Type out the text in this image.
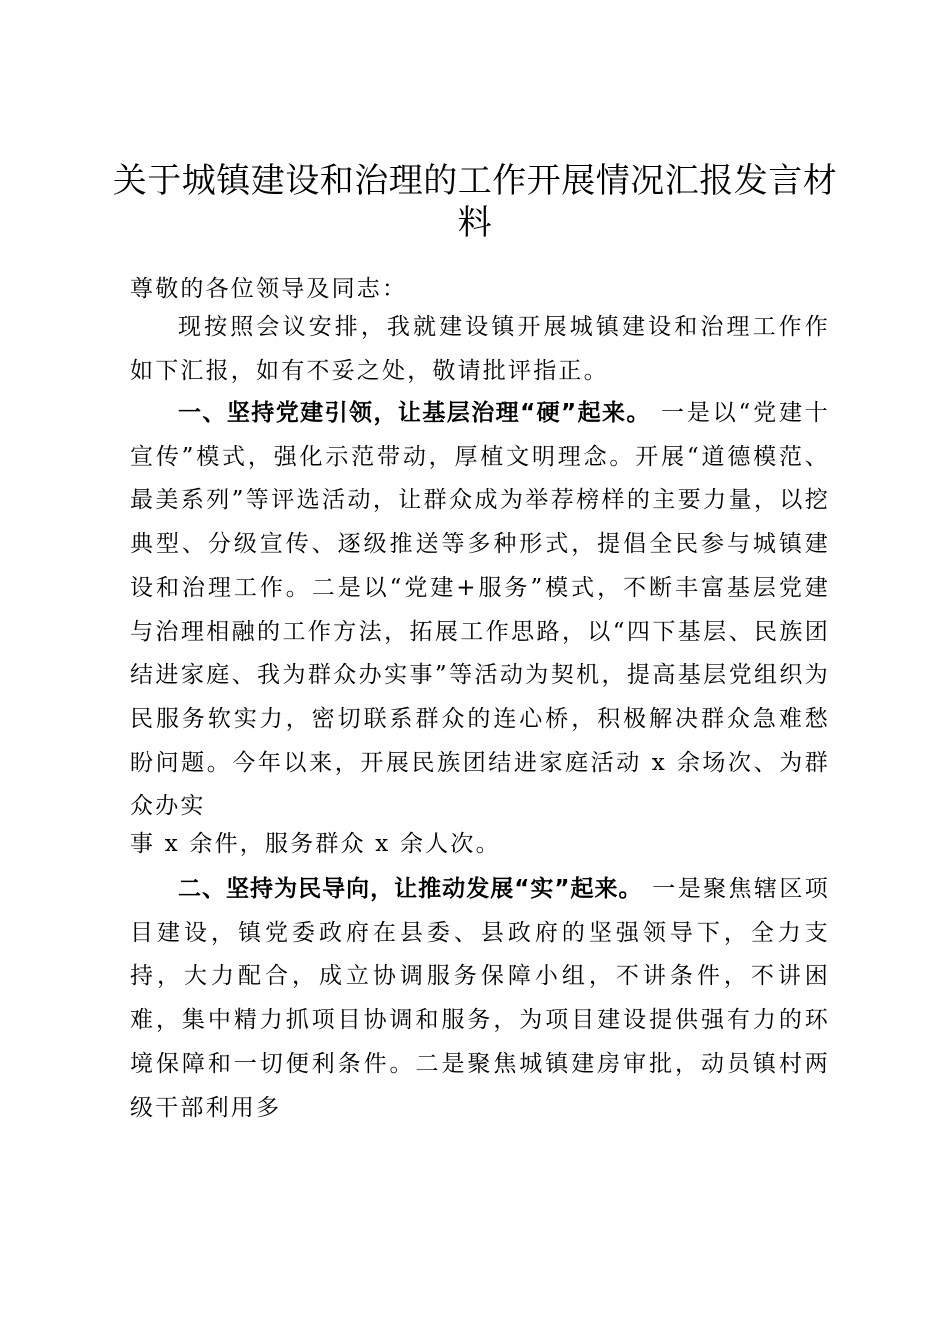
关于城镇建设和治理的工作开展情况汇报发言材料

尊敬的各位领导及同志：

现按照会议安排，我就建设镇开展城镇建设和治理工作作如下汇报，如有不妥之处，敬请批评指正。

一、坚持党建引领，让基层治理“硬”起来。 一是以“党建十宣传”模式，强化示范带动，厚植文明理念。开展“道德模范、最美系列”等评选活动，让群众成为举荐榜样的主要力量，以挖典型、分级宣传、逐级推送等多种形式，提倡全民参与城镇建设和治理工作。二是以“党建+服务”模式，不断丰富基层党建与治理相融的工作方法，拓展工作思路，以“四下基层、民族团结进家庭、我为群众办实事”等活动为契机，提高基层党组织为民服务软实力，密切联系群众的连心桥，积极解决群众急难愁盼问题。今年以来，开展民族团结进家庭活动 x 余场次、为群众办实

事 x 余件，服务群众 x 余人次。

二、坚持为民导向，让推动发展“实”起来。 一是聚焦辖区项目建设，镇党委政府在县委、县政府的坚强领导下，全力支持，大力配合，成立协调服务保障小组，不讲条件，不讲困难，集中精力抓项目协调和服务，为项目建设提供强有力的环境保障和一切便利条件。二是聚焦城镇建房审批，动员镇村两级干部利用多
